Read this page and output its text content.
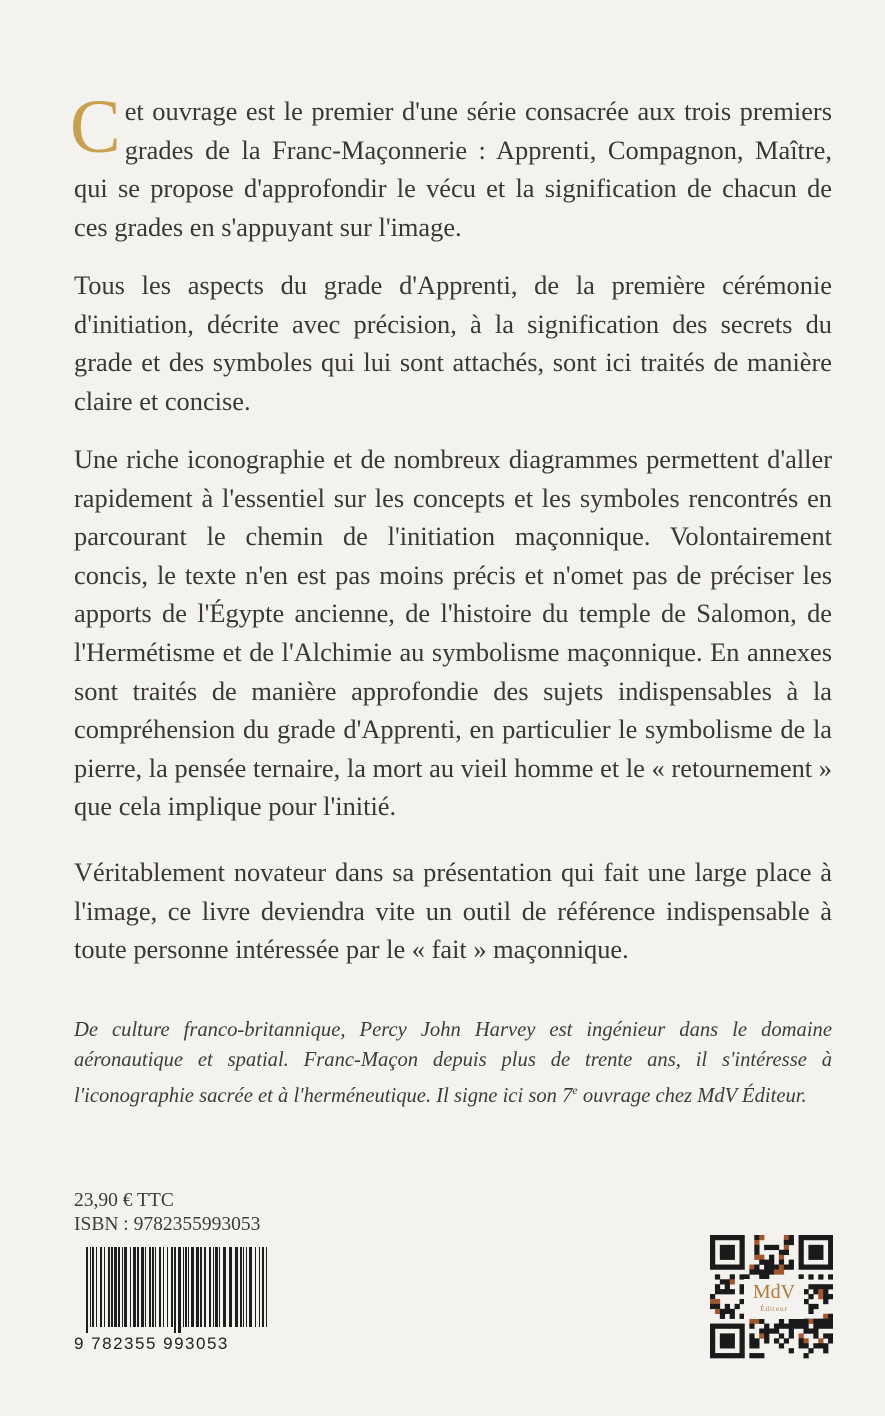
C et ouvrage est le premier d'une série consacrée aux trois premiers grades de la Franc-Maçonnerie : Apprenti, Compagnon, Maître, qui se propose d'approfondir le vécu et la signification de chacun de ces grades en s'appuyant sur l'image.

Tous les aspects du grade d'Apprenti, de la première cérémonie d'initiation, décrite avec précision, à la signification des secrets du grade et des symboles qui lui sont attachés, sont ici traités de manière claire et concise.

Une riche iconographie et de nombreux diagrammes permettent d'aller rapidement à l'essentiel sur les concepts et les symboles rencontrés en parcourant le chemin de l'initiation maçonnique. Volontairement concis, le texte n'en est pas moins précis et n'omet pas de préciser les apports de l'Égypte ancienne, de l'histoire du temple de Salomon, de l'Hermétisme et de l'Alchimie au symbolisme maçonnique. En annexes sont traités de manière approfondie des sujets indispensables à la compréhension du grade d'Apprenti, en particulier le symbolisme de la pierre, la pensée ternaire, la mort au vieil homme et le « retournement » que cela implique pour l'initié.

Véritablement novateur dans sa présentation qui fait une large place à l'image, ce livre deviendra vite un outil de référence indispensable à toute personne intéressée par le « fait » maçonnique.

De culture franco-britannique, Percy John Harvey est ingénieur dans le domaine aéronautique et spatial. Franc-Maçon depuis plus de trente ans, il s'intéresse à l'iconographie sacrée et à l'herméneutique. Il signe ici son 7e ouvrage chez MdV Éditeur.

23,90 € TTC
ISBN : 9782355993053
9 782355 993053
MdV
Éditeur
